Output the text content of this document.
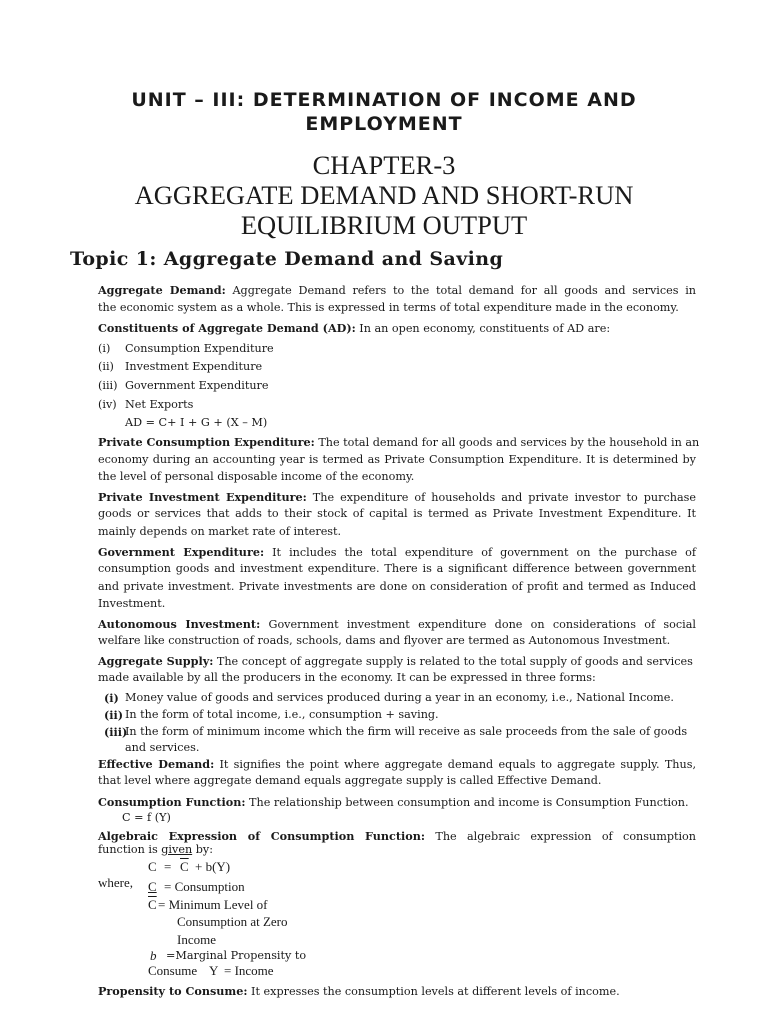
UNIT – III: DETERMINATION OF INCOME AND
EMPLOYMENT
CHAPTER-3
AGGREGATE DEMAND AND SHORT-RUN
EQUILIBRIUM OUTPUT
Topic 1: Aggregate Demand and Saving
Aggregate Demand: Aggregate Demand refers to the total demand for all goods and services in
the economic system as a whole. This is expressed in terms of total expenditure made in the economy.
Constituents of Aggregate Demand (AD): In an open economy, constituents of AD are:
(i) Consumption Expenditure
(ii) Investment Expenditure
(iii) Government Expenditure
(iv) Net Exports
AD = C+ I + G + (X – M)
Private Consumption Expenditure: The total demand for all goods and services by the household in an
economy during an accounting year is termed as Private Consumption Expenditure. It is determined by
the level of personal disposable income of the economy.
Private Investment Expenditure: The expenditure of households and private investor to purchase
goods or services that adds to their stock of capital is termed as Private Investment Expenditure. It
mainly depends on market rate of interest.
Government Expenditure: It includes the total expenditure of government on the purchase of
consumption goods and investment expenditure. There is a significant difference between government
and private investment. Private investments are done on consideration of profit and termed as Induced
Investment.
Autonomous Investment: Government investment expenditure done on considerations of social
welfare like construction of roads, schools, dams and flyover are termed as Autonomous Investment.
Aggregate Supply: The concept of aggregate supply is related to the total supply of goods and services
made available by all the producers in the economy. It can be expressed in three forms:
(i) Money value of goods and services produced during a year in an economy, i.e., National Income.
(ii) In the form of total income, i.e., consumption + saving.
(iii)
In the form of minimum income which the firm will receive as sale proceeds from the sale of goods
and services.
Effective Demand: It signifies the point where aggregate demand equals to aggregate supply. Thus,
that level where aggregate demand equals aggregate supply is called Effective Demand.
Consumption Function: The relationship between consumption and income is Consumption Function.
C = f (Y)
Algebraic Expression of Consumption Function: The algebraic expression of consumption
function is given by:
$C = \overline{C} + b(Y)$
where, C = Consumption
$\overline{C}$ = Minimum Level of
Consumption at Zero
Income
b =Marginal Propensity to
Consume Y = Income
Propensity to Consume: It expresses the consumption levels at different levels of income.
